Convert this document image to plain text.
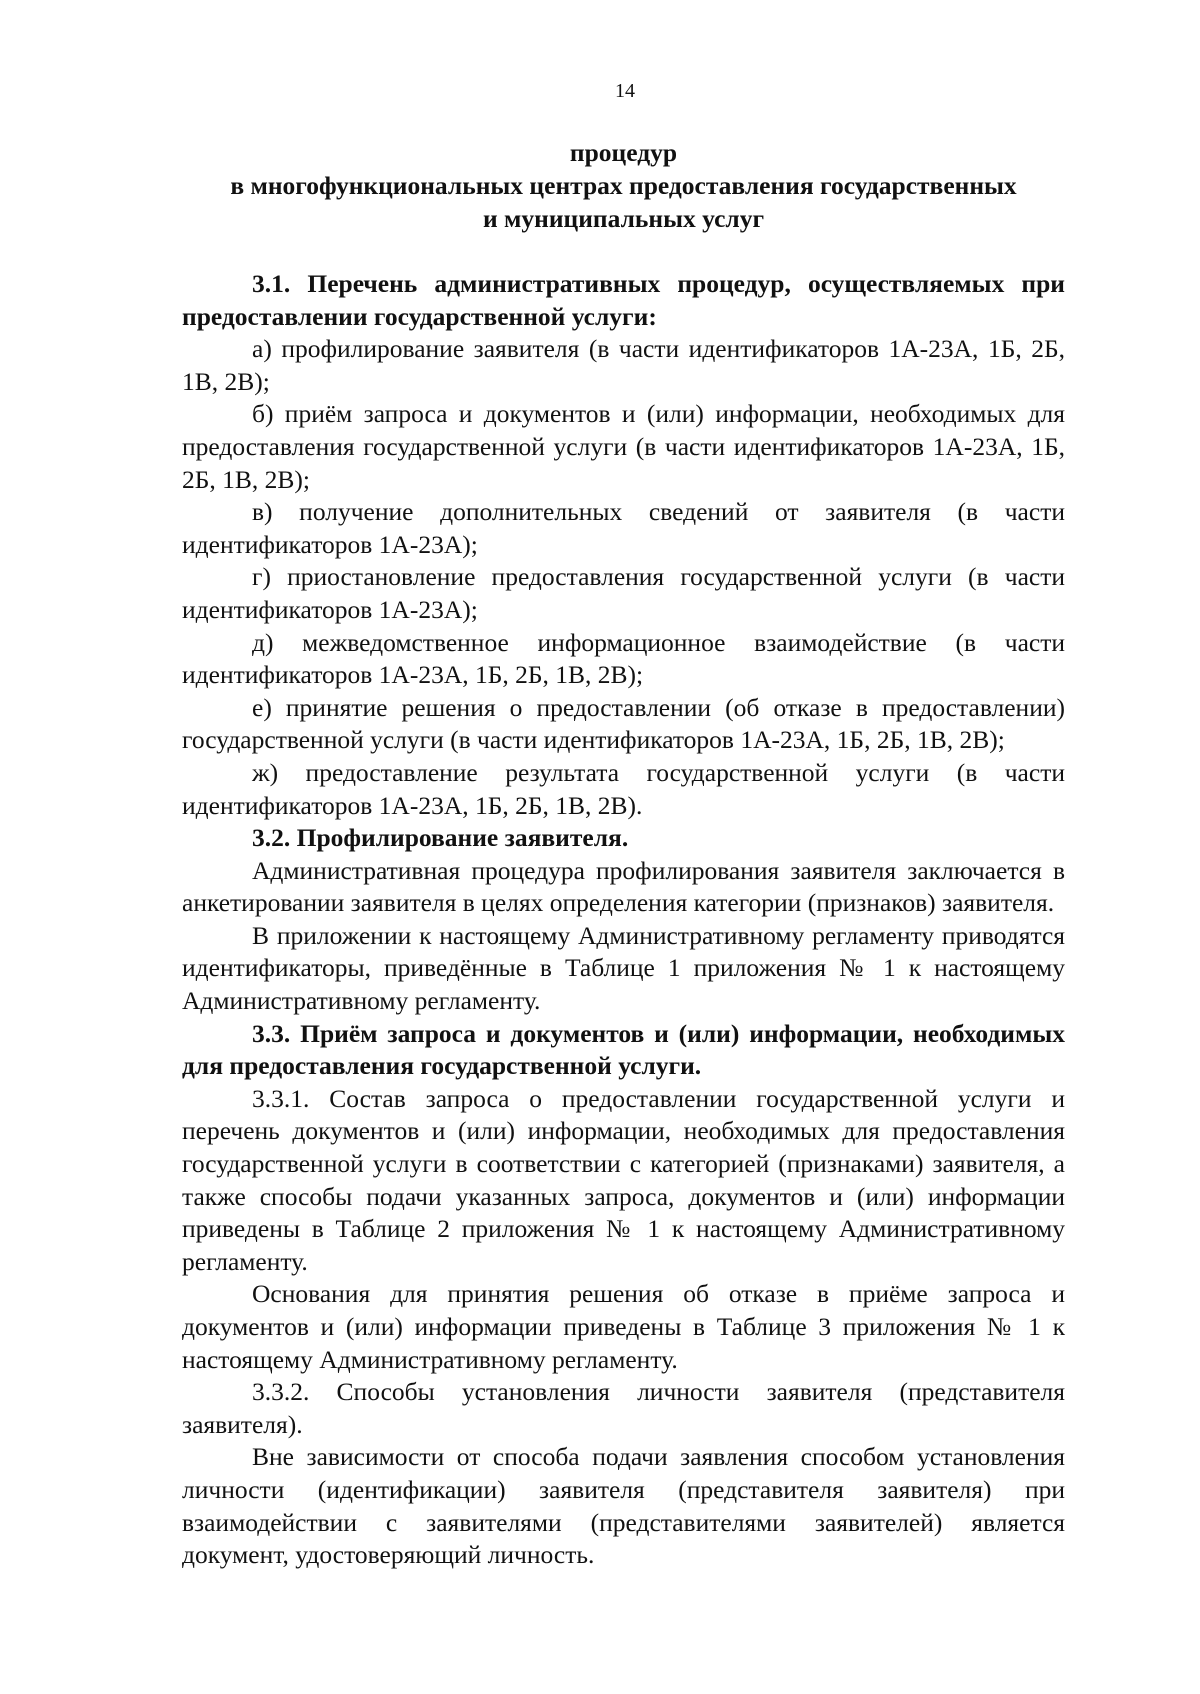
14
процедур
в многофункциональных центрах предоставления государственных
и муниципальных услуг

3.1. Перечень административных процедур, осуществляемых при предоставлении государственной услуги:

а) профилирование заявителя (в части идентификаторов 1А-23А, 1Б, 2Б, 1В, 2В);

б) приём запроса и документов и (или) информации, необходимых для предоставления государственной услуги (в части идентификаторов 1А-23А, 1Б, 2Б, 1В, 2В);

в) получение дополнительных сведений от заявителя (в части идентификаторов 1А-23А);

г) приостановление предоставления государственной услуги (в части идентификаторов 1А-23А);

д) межведомственное информационное взаимодействие (в части идентификаторов 1А-23А, 1Б, 2Б, 1В, 2В);

е) принятие решения о предоставлении (об отказе в предоставлении) государственной услуги (в части идентификаторов 1А-23А, 1Б, 2Б, 1В, 2В);

ж) предоставление результата государственной услуги (в части идентификаторов 1А-23А, 1Б, 2Б, 1В, 2В).

3.2. Профилирование заявителя.

Административная процедура профилирования заявителя заключается в анкетировании заявителя в целях определения категории (признаков) заявителя.

В приложении к настоящему Административному регламенту приводятся идентификаторы, приведённые в Таблице 1 приложения № 1 к настоящему Административному регламенту.

3.3. Приём запроса и документов и (или) информации, необходимых для предоставления государственной услуги.

3.3.1. Состав запроса о предоставлении государственной услуги и перечень документов и (или) информации, необходимых для предоставления государственной услуги в соответствии с категорией (признаками) заявителя, а также способы подачи указанных запроса, документов и (или) информации приведены в Таблице 2 приложения № 1 к настоящему Административному регламенту.

Основания для принятия решения об отказе в приёме запроса и документов и (или) информации приведены в Таблице 3 приложения № 1 к настоящему Административному регламенту.

3.3.2. Способы установления личности заявителя (представителя заявителя).

Вне зависимости от способа подачи заявления способом установления личности (идентификации) заявителя (представителя заявителя) при взаимодействии с заявителями (представителями заявителей) является документ, удостоверяющий личность.
